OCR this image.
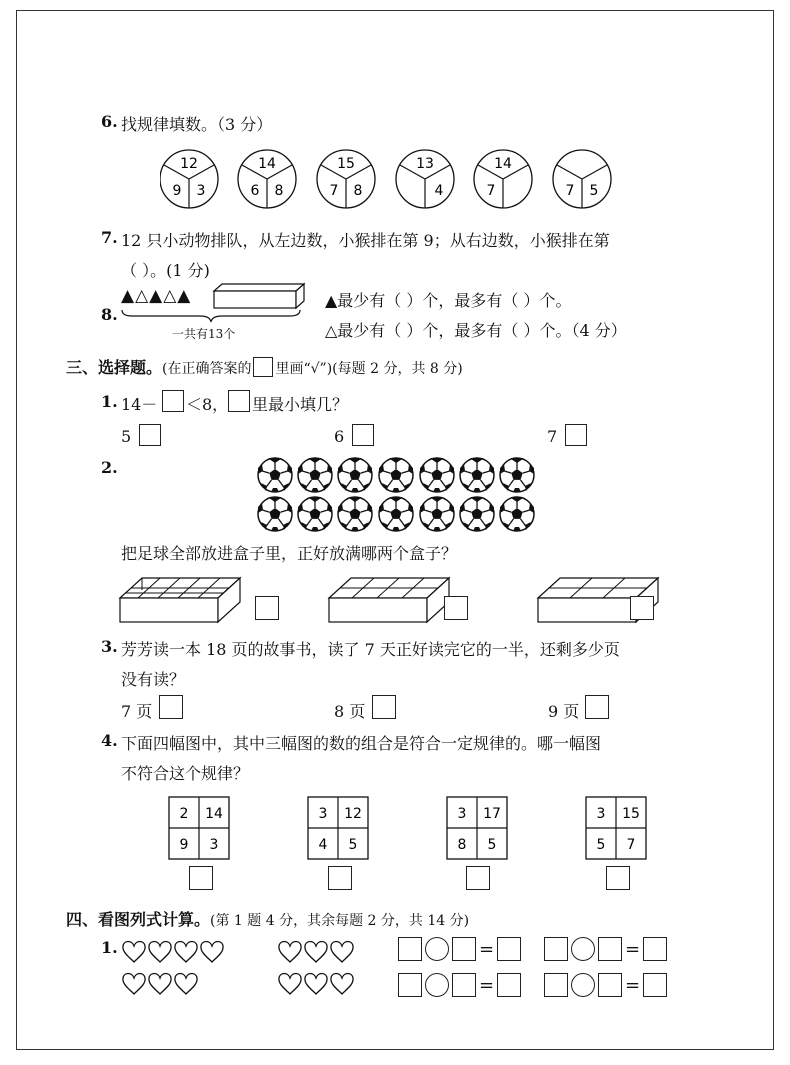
6. 找规律填数。（3 分）
12
9 3
14
6 8
15
7 8
13
4
14
7	7 5
7. 12 只小动物排队，从左边数，小猴排在第 9；从右边数，小猴排在第
（ ）。(1 分)
8.
▲△▲△▲
一共有13个
▲最少有（ ）个，最多有（ ）个。
△最少有（ ）个，最多有（ ）个。（4 分）
三、选择题。(在正确答案的 里画“√”)(每题 2 分，共 8 分)
1. 14－ ＜8， 里最小填几？
5	6	7
2.
把足球全部放进盒子里，正好放满哪两个盒子？
3. 芳芳读一本 18 页的故事书，读了 7 天正好读完它的一半，还剩多少页
没有读？
7 页	8 页	9 页
4. 下面四幅图中，其中三幅图的数的组合是符合一定规律的。哪一幅图
不符合这个规律？
2 14
9 3
3 12
4 5
3 17
8 5
3 15
5 7
四、看图列式计算。(第 1 题 4 分，其余每题 2 分，共 14 分)
1.	=	=
=	=
